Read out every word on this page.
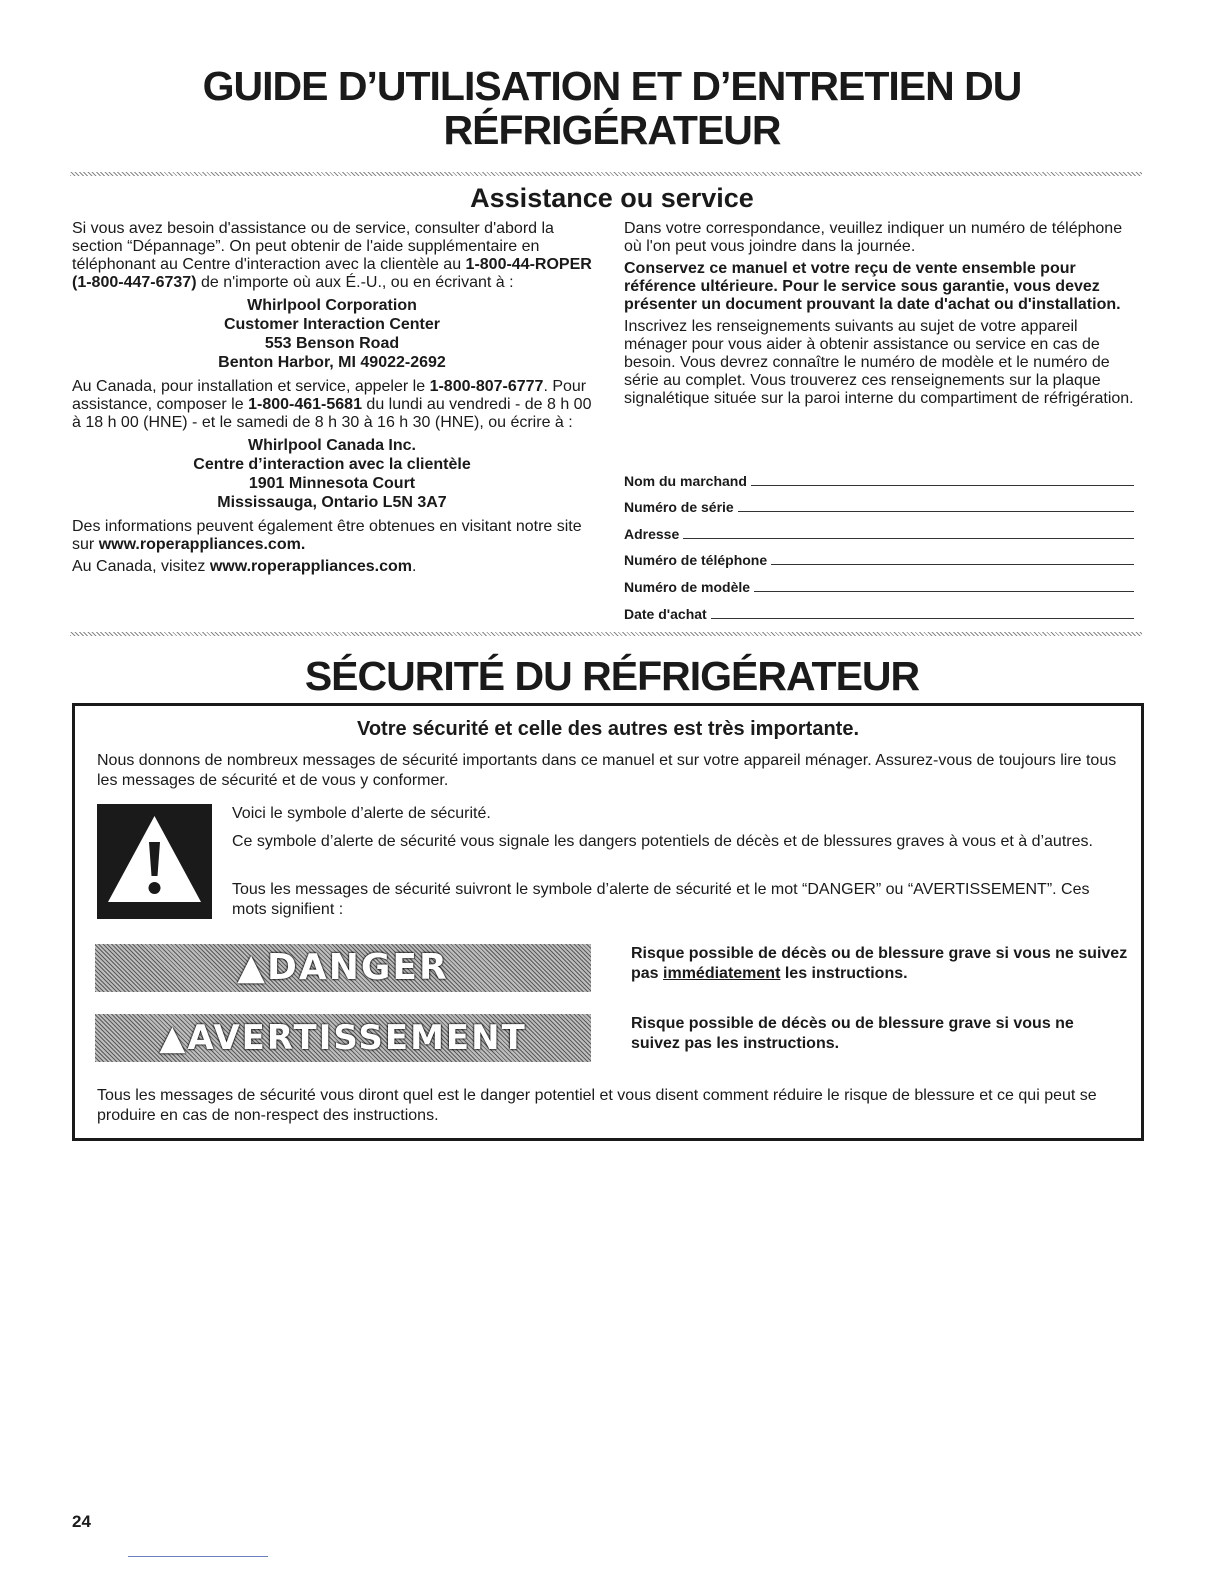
GUIDE D’UTILISATION ET D’ENTRETIEN DU
RÉFRIGÉRATEUR
Assistance ou service

Si vous avez besoin d'assistance ou de service, consulter d'abord la section “Dépannage”. On peut obtenir de l'aide supplémentaire en téléphonant au Centre d'interaction avec la clientèle au 1-800-44-ROPER (1-800-447-6737) de n'importe où aux É.-U., ou en écrivant à :

Whirlpool Corporation
Customer Interaction Center
553 Benson Road
Benton Harbor, MI 49022-2692

Au Canada, pour installation et service, appeler le 1-800-807-6777. Pour assistance, composer le 1-800-461-5681 du lundi au vendredi - de 8 h 00 à 18 h 00 (HNE) - et le samedi de 8 h 30 à 16 h 30 (HNE), ou écrire à :

Whirlpool Canada Inc.
Centre d’interaction avec la clientèle
1901 Minnesota Court
Mississauga, Ontario L5N 3A7

Des informations peuvent également être obtenues en visitant notre site sur www.roperappliances.com.

Au Canada, visitez www.roperappliances.com.

Dans votre correspondance, veuillez indiquer un numéro de téléphone où l'on peut vous joindre dans la journée.

Conservez ce manuel et votre reçu de vente ensemble pour référence ultérieure. Pour le service sous garantie, vous devez présenter un document prouvant la date d'achat ou d'installation.

Inscrivez les renseignements suivants au sujet de votre appareil ménager pour vous aider à obtenir assistance ou service en cas de besoin. Vous devrez connaître le numéro de modèle et le numéro de série au complet. Vous trouverez ces renseignements sur la plaque signalétique située sur la paroi interne du compartiment de réfrigération.

Nom du marchand
Numéro de série
Adresse
Numéro de téléphone
Numéro de modèle
Date d'achat
SÉCURITÉ DU RÉFRIGÉRATEUR
Votre sécurité et celle des autres est très importante.

Nous donnons de nombreux messages de sécurité importants dans ce manuel et sur votre appareil ménager. Assurez-vous de toujours lire tous les messages de sécurité et de vous y conformer.

Voici le symbole d’alerte de sécurité.

Ce symbole d’alerte de sécurité vous signale les dangers potentiels de décès et de blessures graves à vous et à d’autres.

Tous les messages de sécurité suivront le symbole d’alerte de sécurité et le mot “DANGER” ou “AVERTISSEMENT”. Ces mots signifient :

▲DANGER	Risque possible de décès ou de blessure grave si vous ne suivez pas immédiatement les instructions.
▲AVERTISSEMENT	Risque possible de décès ou de blessure grave si vous ne suivez pas les instructions.

Tous les messages de sécurité vous diront quel est le danger potentiel et vous disent comment réduire le risque de blessure et ce qui peut se produire en cas de non-respect des instructions.

24
